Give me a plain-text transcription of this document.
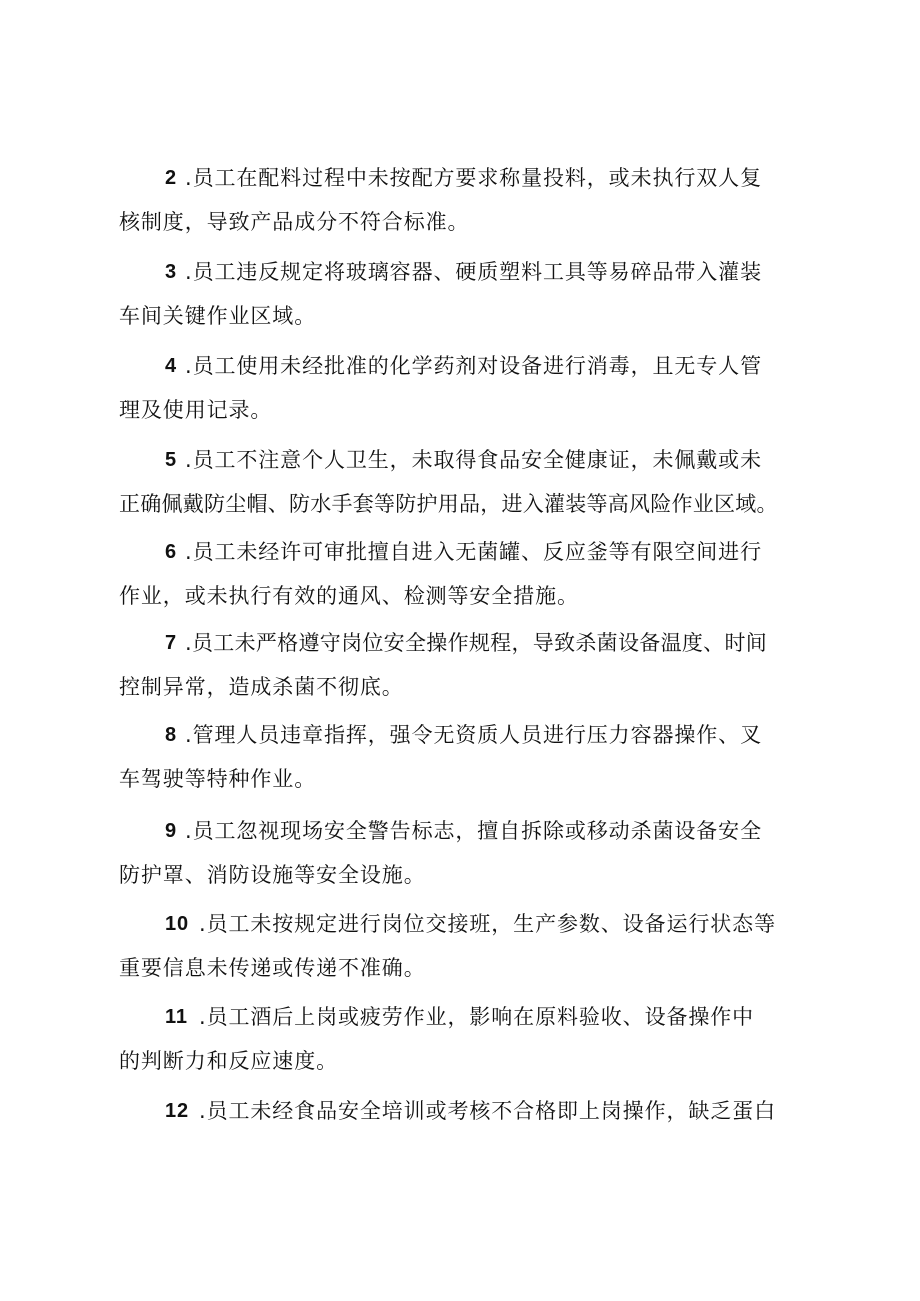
2 .员工在配料过程中未按配方要求称量投料，或未执行双人复
核制度，导致产品成分不符合标准。
3 .员工违反规定将玻璃容器、硬质塑料工具等易碎品带入灌装
车间关键作业区域。
4 .员工使用未经批准的化学药剂对设备进行消毒，且无专人管
理及使用记录。
5 .员工不注意个人卫生，未取得食品安全健康证，未佩戴或未
正确佩戴防尘帽、防水手套等防护用品，进入灌装等高风险作业区域。
6 .员工未经许可审批擅自进入无菌罐、反应釜等有限空间进行
作业，或未执行有效的通风、检测等安全措施。
7 .员工未严格遵守岗位安全操作规程，导致杀菌设备温度、时间
控制异常，造成杀菌不彻底。
8 .管理人员违章指挥，强令无资质人员进行压力容器操作、叉
车驾驶等特种作业。
9 .员工忽视现场安全警告标志，擅自拆除或移动杀菌设备安全
防护罩、消防设施等安全设施。
10 .员工未按规定进行岗位交接班，生产参数、设备运行状态等
重要信息未传递或传递不准确。
11 .员工酒后上岗或疲劳作业，影响在原料验收、设备操作中
的判断力和反应速度。
12 .员工未经食品安全培训或考核不合格即上岗操作，缺乏蛋白
